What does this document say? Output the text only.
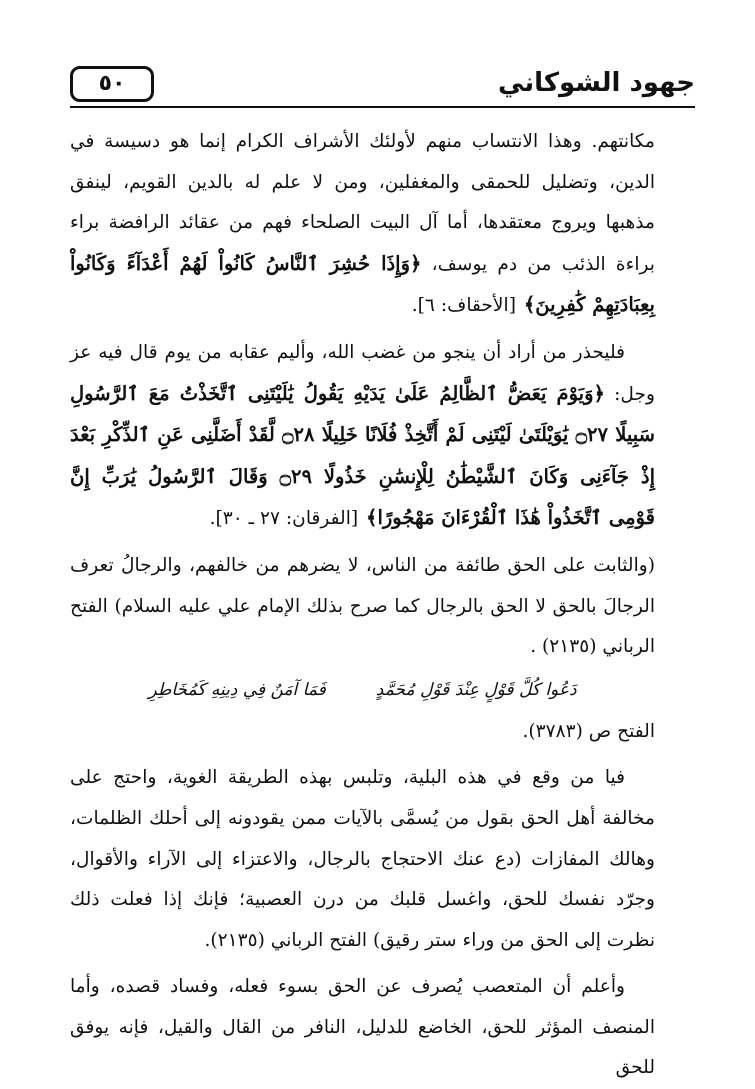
جهود الشوكاني
٥٠

مكانتهم. وهذا الانتساب منهم لأولئك الأشراف الكرام إنما هو دسيسة في الدين، وتضليل للحمقى والمغفلين، ومن لا علم له بالدين القويم، لينفق مذهبها ويروج معتقدها، أما آل البيت الصلحاء فهم من عقائد الرافضة براء براءة الذئب من دم يوسف، ﴿وَإِذَا حُشِرَ ٱلنَّاسُ كَانُواْ لَهُمْ أَعْدَآءً وَكَانُواْ بِعِبَادَتِهِمْ كَٰفِرِينَ﴾ [الأحقاف: ٦].

فليحذر من أراد أن ينجو من غضب الله، وأليم عقابه من يوم قال فيه عز وجل: ﴿وَيَوْمَ يَعَضُّ ٱلظَّالِمُ عَلَىٰ يَدَيْهِ يَقُولُ يَٰلَيْتَنِى ٱتَّخَذْتُ مَعَ ٱلرَّسُولِ سَبِيلًا ۝٢٧ يَٰوَيْلَتَىٰ لَيْتَنِى لَمْ أَتَّخِذْ فُلَانًا خَلِيلًا ۝٢٨ لَّقَدْ أَضَلَّنِى عَنِ ٱلذِّكْرِ بَعْدَ إِذْ جَآءَنِى وَكَانَ ٱلشَّيْطَٰنُ لِلْإِنسَٰنِ خَذُولًا ۝٢٩ وَقَالَ ٱلرَّسُولُ يَٰرَبِّ إِنَّ قَوْمِى ٱتَّخَذُواْ هَٰذَا ٱلْقُرْءَانَ مَهْجُورًا﴾ [الفرقان: ٢٧ ـ ٣٠].

(والثابت على الحق طائفة من الناس، لا يضرهم من خالفهم، والرجالُ تعرف الرجالَ بالحق لا الحق بالرجال كما صرح بذلك الإمام علي عليه السلام) الفتح الرباني (٢١٣٥) .

دَعُوا كُلَّ قَوْلٍ عِنْدَ قَوْلِ مُحَمَّدٍ
فَمَا آمَنٌ فِي دِينِهِ كَمُخَاطِرِ

الفتح ص (٣٧٨٣).

فيا من وقع في هذه البلية، وتلبس بهذه الطريقة الغوية، واحتج على مخالفة أهل الحق بقول من يُسمَّى بالآيات ممن يقودونه إلى أحلك الظلمات، وهالك المفازات (دع عنك الاحتجاج بالرجال، والاعتزاء إلى الآراء والأقوال، وجرّد نفسك للحق، واغسل قلبك من درن العصبية؛ فإنك إذا فعلت ذلك نظرت إلى الحق من وراء ستر رقيق) الفتح الرباني (٢١٣٥).

وأعلم أن المتعصب يُصرف عن الحق بسوء فعله، وفساد قصده، وأما المنصف المؤثر للحق، الخاضع للدليل، النافر من القال والقيل، فإنه يوفق للحق
